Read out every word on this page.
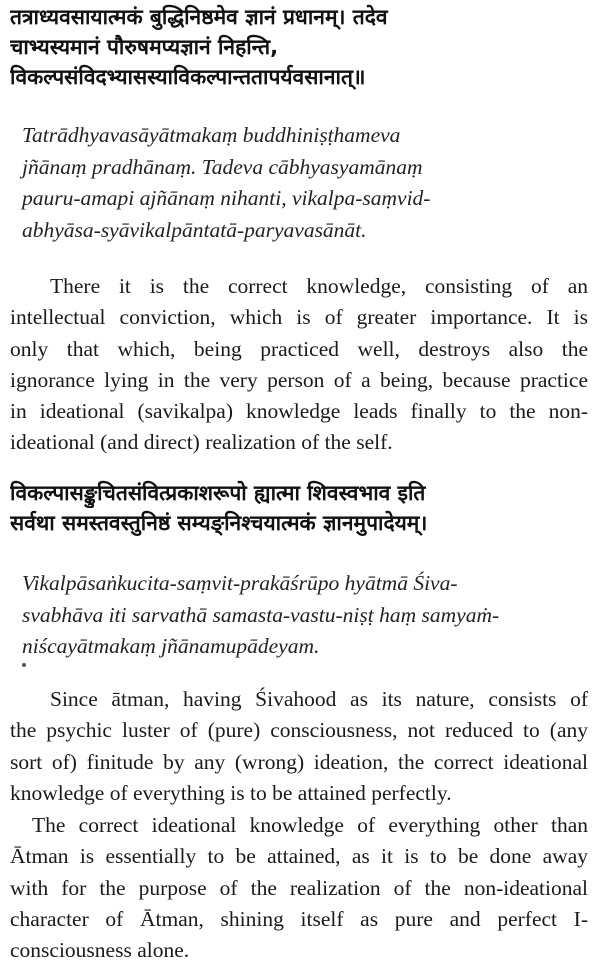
तत्राध्यवसायात्मकं बुद्धिनिष्ठमेव ज्ञानं प्रधानम्। तदेव
चाभ्यस्यमानं पौरुषमप्यज्ञानं निहन्ति,
विकल्पसंविदभ्यासस्याविकल्पान्ततापर्यवसानात्॥
Tatrādhyavasāyātmakaṃ buddhiniṣṭhameva
jñānaṃ pradhānaṃ. Tadeva cābhyasyamānaṃ
pauru-amapi ajñānaṃ nihanti, vikalpa-saṃvid-
abhyāsa-syāvikalpāntatā-paryavasānāt.
There it is the correct knowledge, consisting of an
intellectual conviction, which is of greater importance. It is
only that which, being practiced well, destroys also the
ignorance lying in the very person of a being, because practice
in ideational (savikalpa) knowledge leads finally to the non-
ideational (and direct) realization of the self.
विकल्पासङ्कुचितसंवित्प्रकाशरूपो ह्यात्मा शिवस्वभाव इति
सर्वथा समस्तवस्तुनिष्ठं सम्यङ्‌निश्चयात्मकं ज्ञानमुपादेयम्।
Vikalpāsaṅkucita-saṃvit-prakāśrūpo hyātmā Śiva-
svabhāva iti sarvathā samasta-vastu-niṣṭ haṃ samyaṁ-
niścayātmakaṃ jñānamupādeyam.
Since ātman, having Śivahood as its nature, consists of
the psychic luster of (pure) consciousness, not reduced to (any
sort of) finitude by any (wrong) ideation, the correct ideational
knowledge of everything is to be attained perfectly.
The correct ideational knowledge of everything other than
Ātman is essentially to be attained, as it is to be done away
with for the purpose of the realization of the non-ideational
character of Ātman, shining itself as pure and perfect I-
consciousness alone.
